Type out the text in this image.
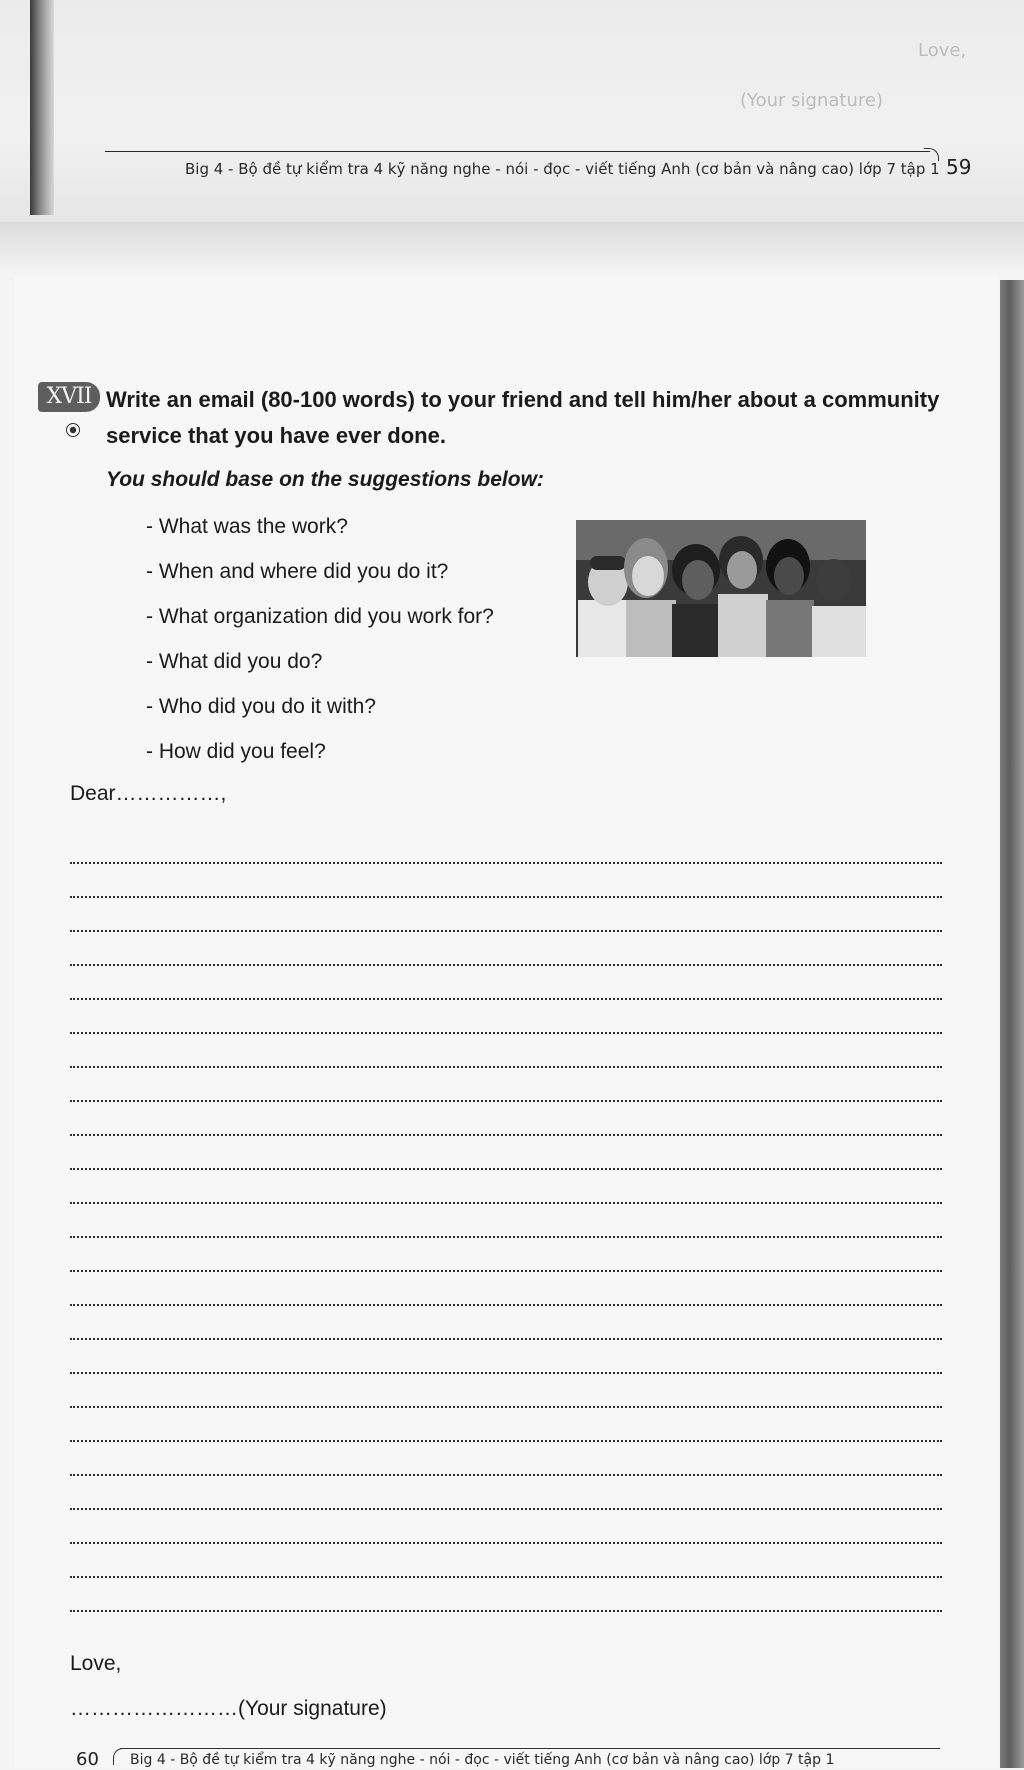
Love,
(Your signature)
Big 4 - Bộ đề tự kiểm tra 4 kỹ năng nghe - nói - đọc - viết tiếng Anh (cơ bản và nâng cao) lớp 7 tập 1 59
XVII Write an email (80-100 words) to your friend and tell him/her about a community
service that you have ever done.

You should base on the suggestions below:

- What was the work?
- When and where did you do it?
- What organization did you work for?
- What did you do?
- Who did you do it with?
- How did you feel?

Dear……………,

Love,

……………………(Your signature)

60 Big 4 - Bộ đề tự kiểm tra 4 kỹ năng nghe - nói - đọc - viết tiếng Anh (cơ bản và nâng cao) lớp 7 tập 1
